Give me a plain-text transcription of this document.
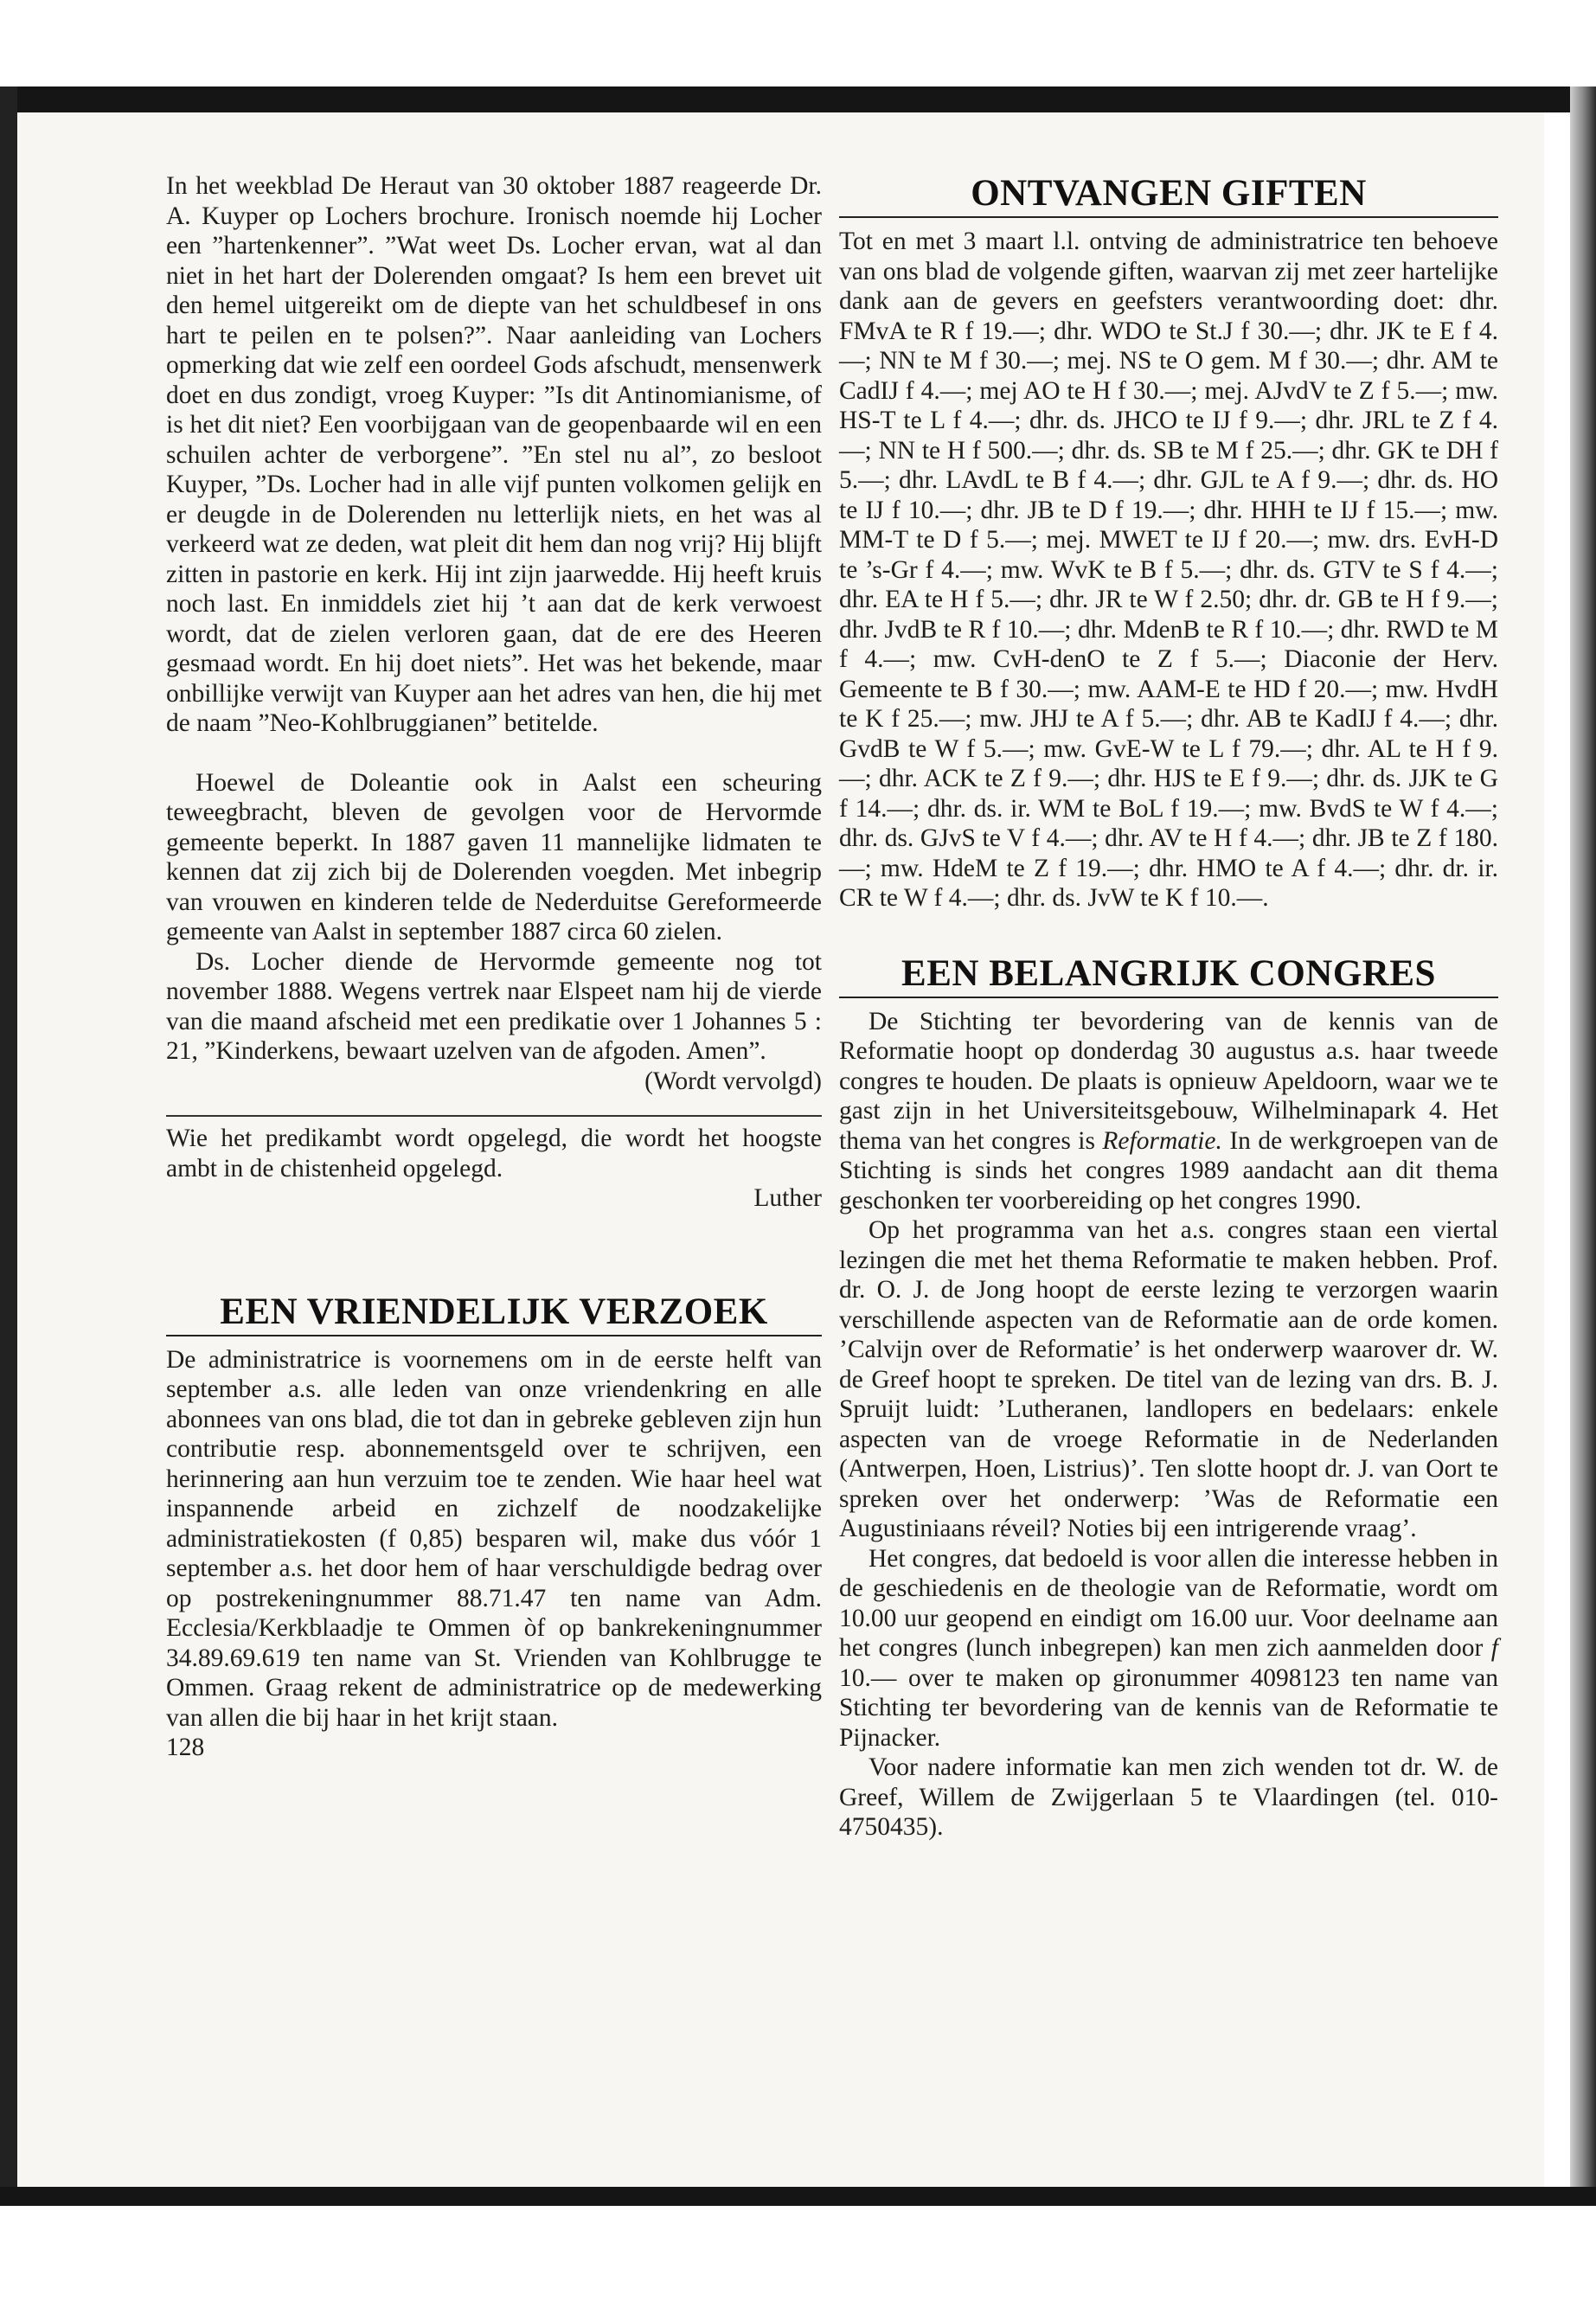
In het weekblad De Heraut van 30 oktober 1887 reageerde Dr. A. Kuyper op Lochers brochure. Ironisch noemde hij Locher een ”hartenkenner”. ”Wat weet Ds. Locher ervan, wat al dan niet in het hart der Dolerenden omgaat? Is hem een brevet uit den hemel uitgereikt om de diepte van het schuldbesef in ons hart te peilen en te polsen?”. Naar aanleiding van Lochers opmerking dat wie zelf een oordeel Gods afschudt, mensenwerk doet en dus zondigt, vroeg Kuyper: ”Is dit Antinomianisme, of is het dit niet? Een voorbijgaan van de geopenbaarde wil en een schuilen achter de verborgene”. ”En stel nu al”, zo besloot Kuyper, ”Ds. Locher had in alle vijf punten volkomen gelijk en er deugde in de Dolerenden nu letterlijk niets, en het was al verkeerd wat ze deden, wat pleit dit hem dan nog vrij? Hij blijft zitten in pastorie en kerk. Hij int zijn jaarwedde. Hij heeft kruis noch last. En inmiddels ziet hij ’t aan dat de kerk verwoest wordt, dat de zielen verloren gaan, dat de ere des Heeren gesmaad wordt. En hij doet niets”. Het was het bekende, maar onbillijke verwijt van Kuyper aan het adres van hen, die hij met de naam ”Neo-Kohlbruggianen” betitelde.

Hoewel de Doleantie ook in Aalst een scheuring teweegbracht, bleven de gevolgen voor de Hervormde gemeente beperkt. In 1887 gaven 11 mannelijke lidmaten te kennen dat zij zich bij de Dolerenden voegden. Met inbegrip van vrouwen en kinderen telde de Nederduitse Gereformeerde gemeente van Aalst in september 1887 circa 60 zielen.

Ds. Locher diende de Hervormde gemeente nog tot november 1888. Wegens vertrek naar Elspeet nam hij de vierde van die maand afscheid met een predikatie over 1 Johannes 5 : 21, ”Kinderkens, bewaart uzelven van de afgoden. Amen”.

(Wordt vervolgd)

Wie het predikambt wordt opgelegd, die wordt het hoogste ambt in de chistenheid opgelegd.

Luther

EEN VRIENDELIJK VERZOEK

De administratrice is voornemens om in de eerste helft van september a.s. alle leden van onze vriendenkring en alle abonnees van ons blad, die tot dan in gebreke gebleven zijn hun contributie resp. abonnementsgeld over te schrijven, een herinnering aan hun verzuim toe te zenden. Wie haar heel wat inspannende arbeid en zichzelf de noodzakelijke administratiekosten (f 0,85) besparen wil, make dus vóór 1 september a.s. het door hem of haar verschuldigde bedrag over op postrekeningnummer 88.71.47 ten name van Adm. Ecclesia/Kerkblaadje te Ommen òf op bankrekeningnummer 34.89.69.619 ten name van St. Vrienden van Kohlbrugge te Ommen. Graag rekent de administratrice op de medewerking van allen die bij haar in het krijt staan.

128

ONTVANGEN GIFTEN

Tot en met 3 maart l.l. ontving de administratrice ten behoeve van ons blad de volgende giften, waarvan zij met zeer hartelijke dank aan de gevers en geefsters verantwoording doet: dhr. FMvA te R f 19.—; dhr. WDO te St.J f 30.—; dhr. JK te E f 4.—; NN te M f 30.—; mej. NS te O gem. M f 30.—; dhr. AM te CadIJ f 4.—; mej AO te H f 30.—; mej. AJvdV te Z f 5.—; mw. HS-T te L f 4.—; dhr. ds. JHCO te IJ f 9.—; dhr. JRL te Z f 4.—; NN te H f 500.—; dhr. ds. SB te M f 25.—; dhr. GK te DH f 5.—; dhr. LAvdL te B f 4.—; dhr. GJL te A f 9.—; dhr. ds. HO te IJ f 10.—; dhr. JB te D f 19.—; dhr. HHH te IJ f 15.—; mw. MM-T te D f 5.—; mej. MWET te IJ f 20.—; mw. drs. EvH-D te ’s-Gr f 4.—; mw. WvK te B f 5.—; dhr. ds. GTV te S f 4.—; dhr. EA te H f 5.—; dhr. JR te W f 2.50; dhr. dr. GB te H f 9.—; dhr. JvdB te R f 10.—; dhr. MdenB te R f 10.—; dhr. RWD te M f 4.—; mw. CvH-denO te Z f 5.—; Diaconie der Herv. Gemeente te B f 30.—; mw. AAM-E te HD f 20.—; mw. HvdH te K f 25.—; mw. JHJ te A f 5.—; dhr. AB te KadIJ f 4.—; dhr. GvdB te W f 5.—; mw. GvE-W te L f 79.—; dhr. AL te H f 9.—; dhr. ACK te Z f 9.—; dhr. HJS te E f 9.—; dhr. ds. JJK te G f 14.—; dhr. ds. ir. WM te BoL f 19.—; mw. BvdS te W f 4.—; dhr. ds. GJvS te V f 4.—; dhr. AV te H f 4.—; dhr. JB te Z f 180.—; mw. HdeM te Z f 19.—; dhr. HMO te A f 4.—; dhr. dr. ir. CR te W f 4.—; dhr. ds. JvW te K f 10.—.

EEN BELANGRIJK CONGRES

De Stichting ter bevordering van de kennis van de Reformatie hoopt op donderdag 30 augustus a.s. haar tweede congres te houden. De plaats is opnieuw Apeldoorn, waar we te gast zijn in het Universiteitsgebouw, Wilhelminapark 4. Het thema van het congres is Reformatie. In de werkgroepen van de Stichting is sinds het congres 1989 aandacht aan dit thema geschonken ter voorbereiding op het congres 1990.

Op het programma van het a.s. congres staan een viertal lezingen die met het thema Reformatie te maken hebben. Prof. dr. O. J. de Jong hoopt de eerste lezing te verzorgen waarin verschillende aspecten van de Reformatie aan de orde komen. ’Calvijn over de Reformatie’ is het onderwerp waarover dr. W. de Greef hoopt te spreken. De titel van de lezing van drs. B. J. Spruijt luidt: ’Lutheranen, landlopers en bedelaars: enkele aspecten van de vroege Reformatie in de Nederlanden (Antwerpen, Hoen, Listrius)’. Ten slotte hoopt dr. J. van Oort te spreken over het onderwerp: ’Was de Reformatie een Augustiniaans réveil? Noties bij een intrigerende vraag’.

Het congres, dat bedoeld is voor allen die interesse hebben in de geschiedenis en de theologie van de Reformatie, wordt om 10.00 uur geopend en eindigt om 16.00 uur. Voor deelname aan het congres (lunch inbegrepen) kan men zich aanmelden door f 10.— over te maken op gironummer 4098123 ten name van Stichting ter bevordering van de kennis van de Reformatie te Pijnacker.

Voor nadere informatie kan men zich wenden tot dr. W. de Greef, Willem de Zwijgerlaan 5 te Vlaardingen (tel. 010-4750435).
